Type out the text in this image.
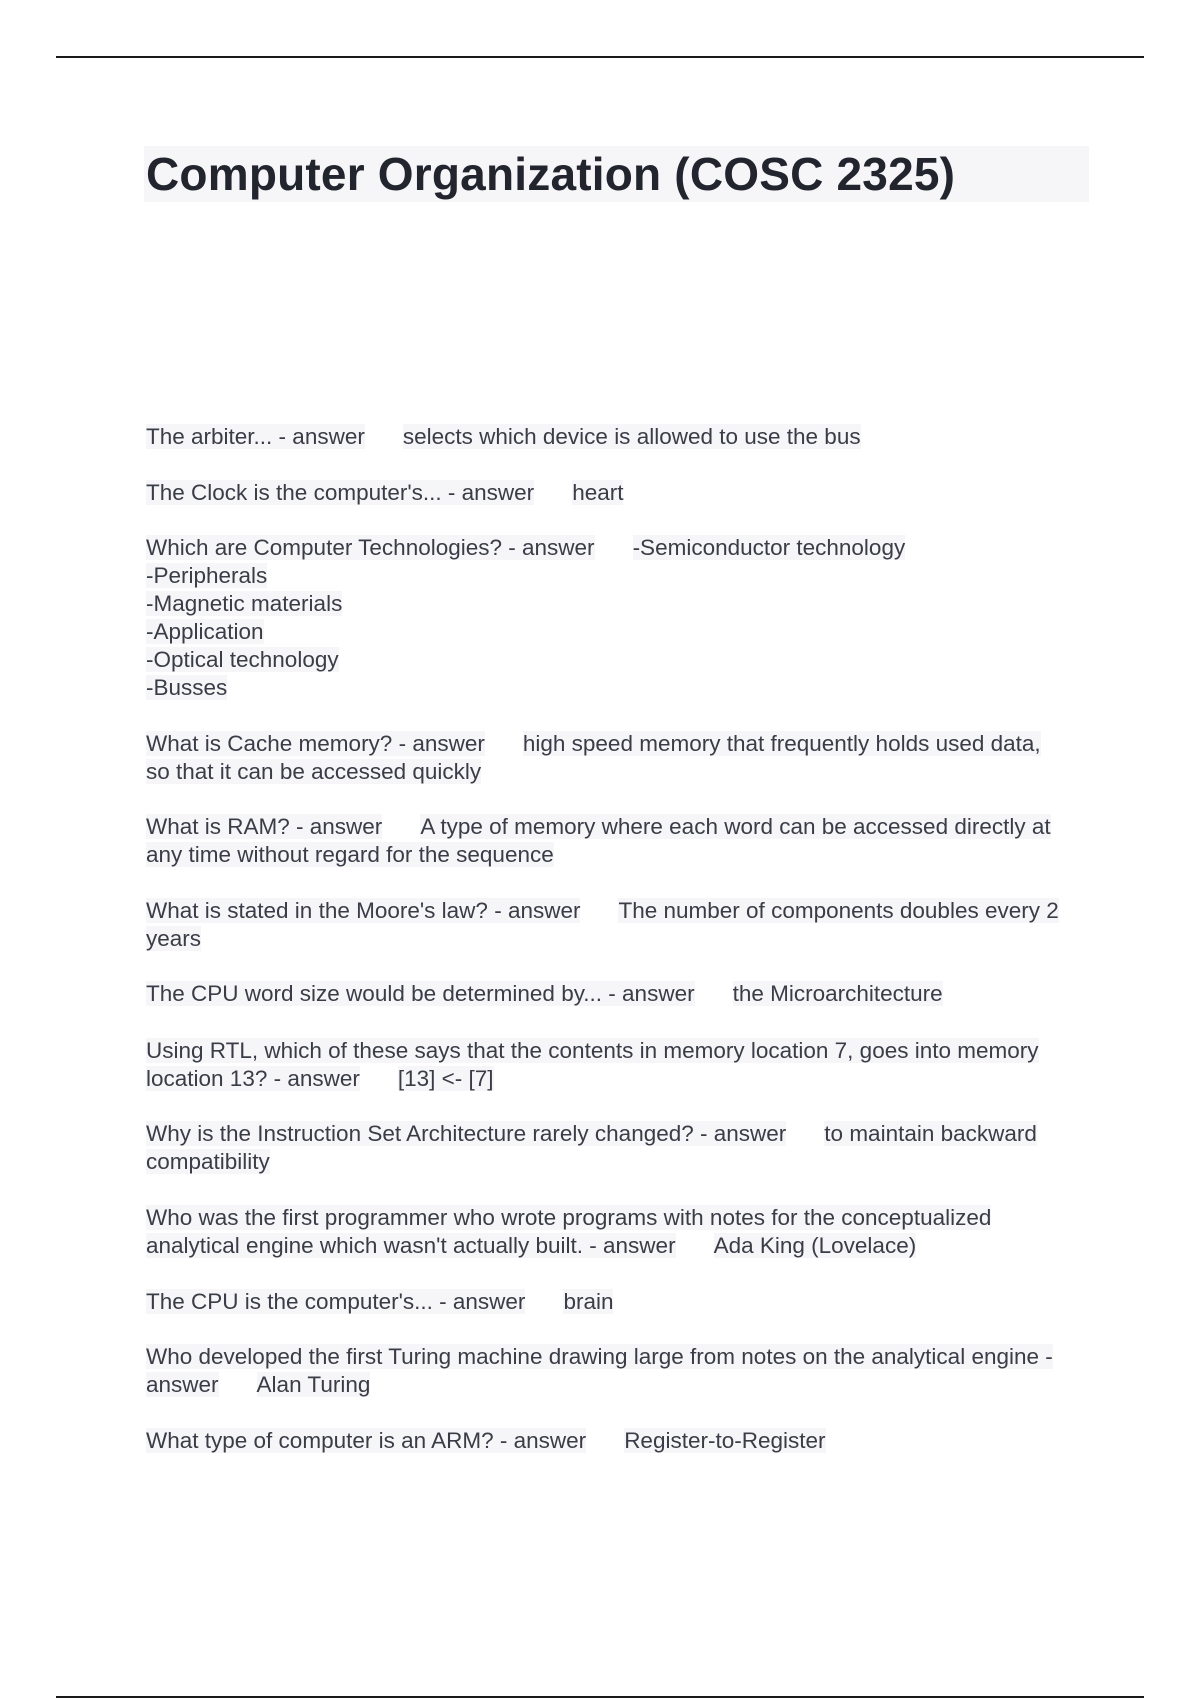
Computer Organization (COSC 2325)

The arbiter... - answer selects which device is allowed to use the bus

The Clock is the computer's... - answer heart

Which are Computer Technologies? - answer -Semiconductor technology
-Peripherals
-Magnetic materials
-Application
-Optical technology
-Busses

What is Cache memory? - answer high speed memory that frequently holds used data, so that it can be accessed quickly

What is RAM? - answer A type of memory where each word can be accessed directly at any time without regard for the sequence

What is stated in the Moore's law? - answer The number of components doubles every 2 years

The CPU word size would be determined by... - answer the Microarchitecture

Using RTL, which of these says that the contents in memory location 7, goes into memory location 13? - answer [13] <- [7]

Why is the Instruction Set Architecture rarely changed? - answer to maintain backward compatibility

Who was the first programmer who wrote programs with notes for the conceptualized analytical engine which wasn't actually built. - answer Ada King (Lovelace)

The CPU is the computer's... - answer brain

Who developed the first Turing machine drawing large from notes on the analytical engine - answer Alan Turing

What type of computer is an ARM? - answer Register-to-Register
